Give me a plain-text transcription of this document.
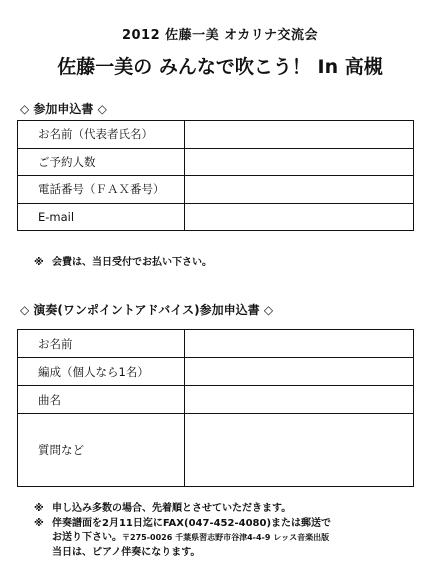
2012 佐藤一美 オカリナ交流会
佐藤一美の みんなで吹こう！ In 高槻
◇ 参加申込書 ◇
お名前（代表者氏名）	
ご予約人数	
電話番号（ＦＡＸ番号）	
E-mail	
※ 会費は、当日受付でお払い下さい。
◇ 演奏(ワンポイントアドバイス)参加申込書 ◇
お名前	
編成（個人なら1名）	
曲名	
質問など	
※ 申し込み多数の場合、先着順とさせていただきます。
※ 伴奏譜面を2月11日迄にFAX(047-452-4080)または郵送で
お送り下さい。〒275-0026 千葉県習志野市谷津4-4-9 レッス音楽出版
当日は、ピアノ伴奏になります。
